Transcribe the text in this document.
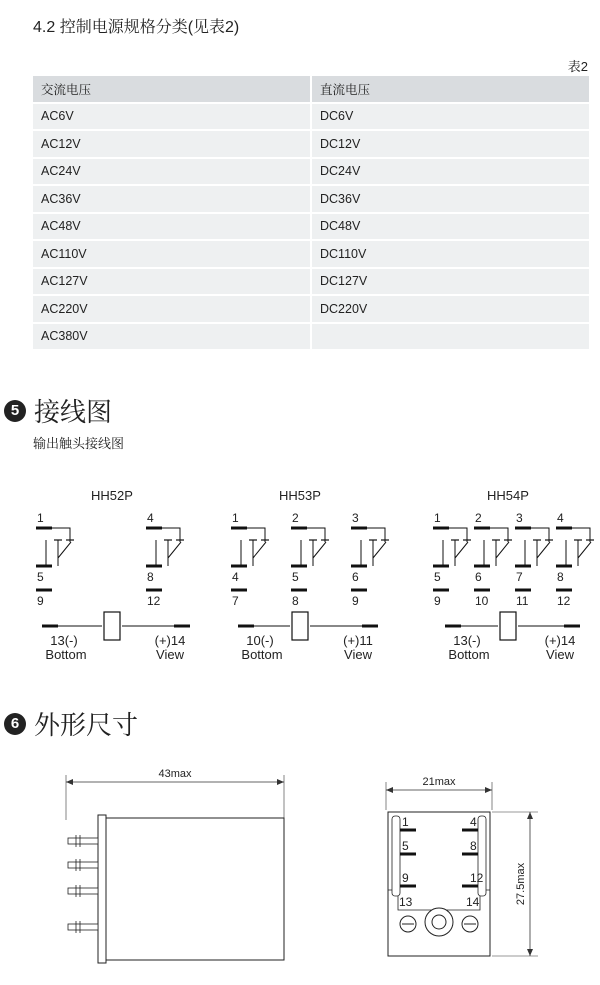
4.2 控制电源规格分类(见表2)
表2
交流电压	直流电压
AC6V	DC6V
AC12V	DC12V
AC24V	DC24V
AC36V	DC36V
AC48V	DC48V
AC110V	DC110V
AC127V	DC127V
AC220V	DC220V
AC380V	
5 接线图
输出触头接线图
HH52P
1
5
9
4
8
12
13(-)	(+)14
Bottom	View
HH53P
1
4
7
2
5
8
3
6
9
10(-)	(+)11
Bottom	View
HH54P
1
5
9
2
6
10
3
7
11
4
8
12
13(-)	(+)14
Bottom	View
6 外形尺寸
43max
21max
27.5max
1	4
5	8
9	12
13	14
